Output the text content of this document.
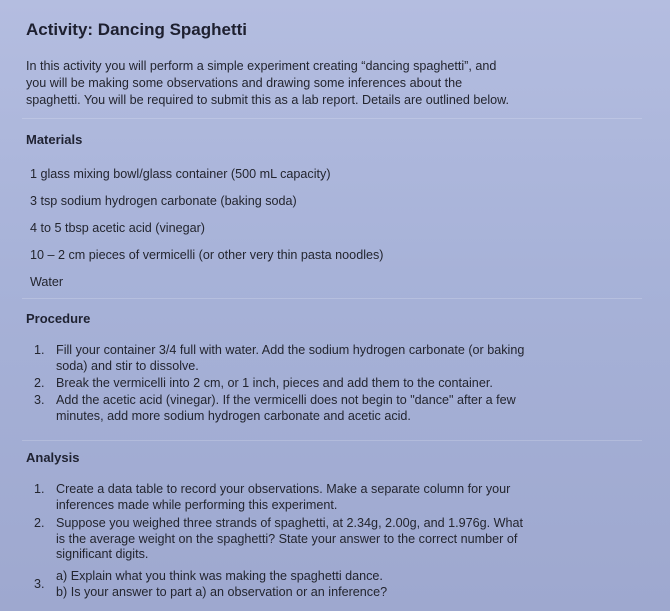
Activity: Dancing Spaghetti
In this activity you will perform a simple experiment creating “dancing spaghetti”, and
you will be making some observations and drawing some inferences about the
spaghetti. You will be required to submit this as a lab report. Details are outlined below.
Materials
1 glass mixing bowl/glass container (500 mL capacity)
3 tsp sodium hydrogen carbonate (baking soda)
4 to 5 tbsp acetic acid (vinegar)
10 – 2 cm pieces of vermicelli (or other very thin pasta noodles)
Water
Procedure
1. Fill your container 3/4 full with water. Add the sodium hydrogen carbonate (or baking
soda) and stir to dissolve.
2. Break the vermicelli into 2 cm, or 1 inch, pieces and add them to the container.
3. Add the acetic acid (vinegar). If the vermicelli does not begin to "dance" after a few
minutes, add more sodium hydrogen carbonate and acetic acid.
Analysis
1. Create a data table to record your observations. Make a separate column for your
inferences made while performing this experiment.
2. Suppose you weighed three strands of spaghetti, at 2.34g, 2.00g, and 1.976g. What
is the average weight on the spaghetti? State your answer to the correct number of
significant digits.
3.
a) Explain what you think was making the spaghetti dance.
b) Is your answer to part a) an observation or an inference?
